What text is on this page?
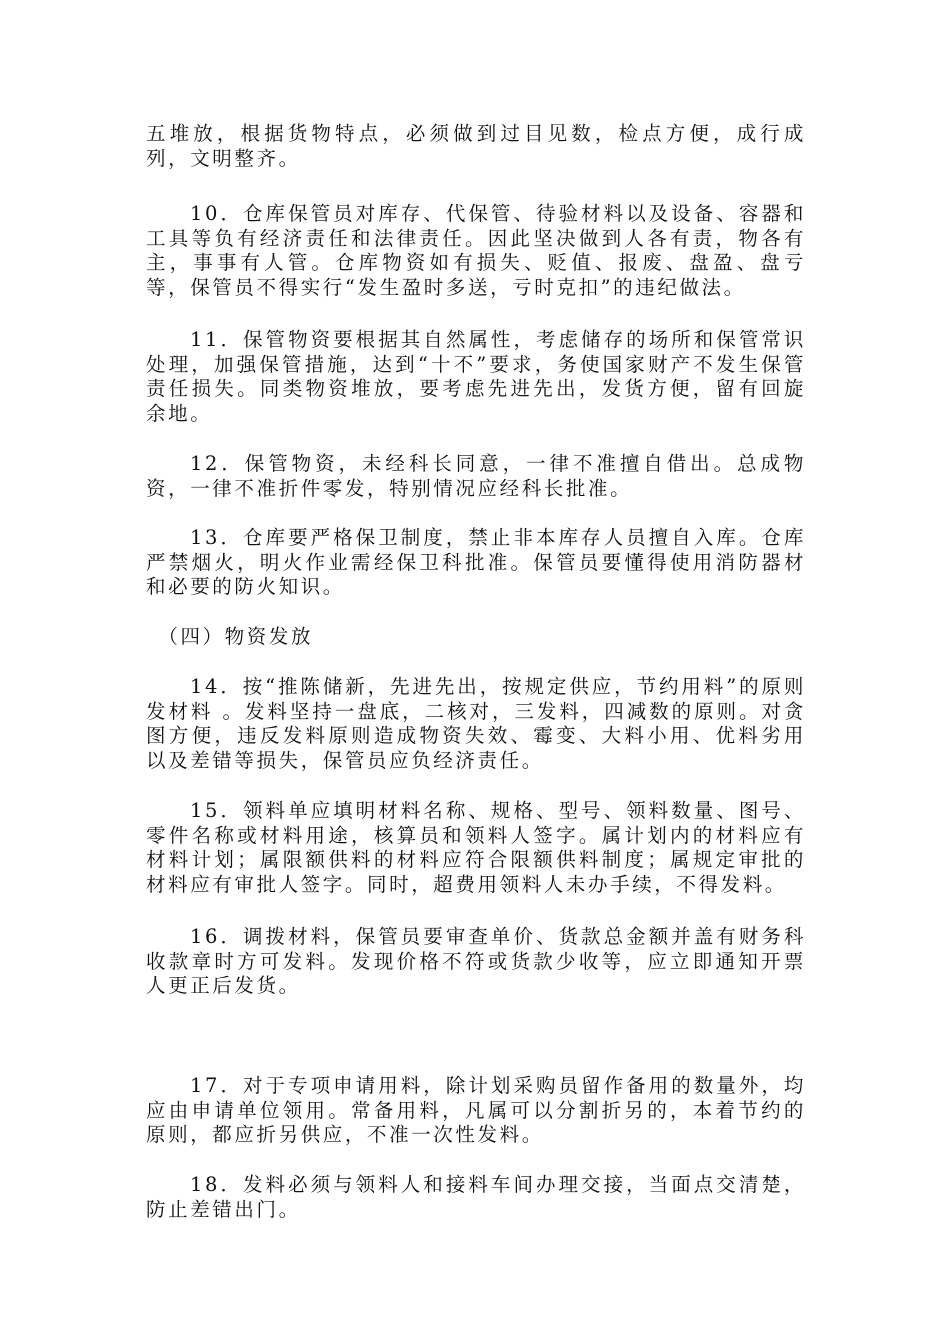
五堆放，根据货物特点，必须做到过目见数，检点方便，成行成列，文明整齐。

10．仓库保管员对库存、代保管、待验材料以及设备、容器和工具等负有经济责任和法律责任。因此坚决做到人各有责，物各有主，事事有人管。仓库物资如有损失、贬值、报废、盘盈、盘亏等，保管员不得实行“发生盈时多送，亏时克扣”的违纪做法。

11．保管物资要根据其自然属性，考虑储存的场所和保管常识处理，加强保管措施，达到“十不”要求，务使国家财产不发生保管责任损失。同类物资堆放，要考虑先进先出，发货方便，留有回旋余地。

12．保管物资，未经科长同意，一律不准擅自借出。总成物资，一律不准折件零发，特别情况应经科长批准。

13．仓库要严格保卫制度，禁止非本库存人员擅自入库。仓库严禁烟火，明火作业需经保卫科批准。保管员要懂得使用消防器材和必要的防火知识。

　（四）物资发放

14．按“推陈储新，先进先出，按规定供应，节约用料”的原则发材料 。发料坚持一盘底，二核对，三发料，四减数的原则。对贪图方便，违反发料原则造成物资失效、霉变、大料小用、优料劣用以及差错等损失，保管员应负经济责任。

15．领料单应填明材料名称、规格、型号、领料数量、图号、零件名称或材料用途，核算员和领料人签字。属计划内的材料应有材料计划；属限额供料的材料应符合限额供料制度；属规定审批的材料应有审批人签字。同时，超费用领料人未办手续，不得发料。

16．调拨材料，保管员要审查单价、货款总金额并盖有财务科收款章时方可发料。发现价格不符或货款少收等，应立即通知开票人更正后发货。

17．对于专项申请用料，除计划采购员留作备用的数量外，均应由申请单位领用。常备用料，凡属可以分割折另的，本着节约的原则，都应折另供应，不准一次性发料。

18．发料必须与领料人和接料车间办理交接，当面点交清楚，防止差错出门。
